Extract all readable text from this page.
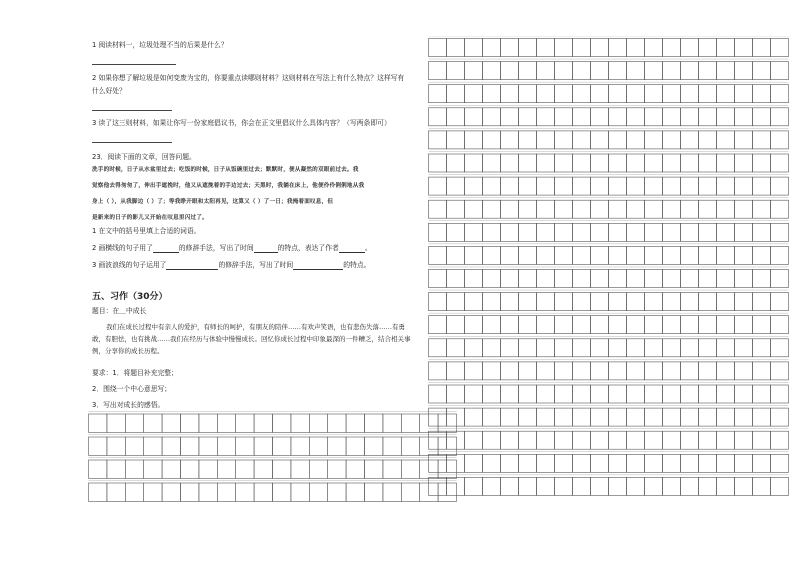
1 阅读材料一，垃圾处理不当的后果是什么？
2 如果你想了解垃圾是如何变废为宝的，你要重点读哪则材料？这则材料在写法上有什么特点？这样写有
什么好处？
3 读了这三则材料，如果让你写一份家庭倡议书，你会在正文里倡议什么具体内容？（写两条即可）
23．阅读下面的文章，回答问题。
洗手的时候，日子从水盆里过去；吃饭的时候，日子从饭碗里过去；默默时，便从凝然的双眼前过去。我
觉察他去得匆匆了，伸出手遮挽时，他又从遮挽着的手边过去；天黑时，我躺在床上，他便伶伶俐俐地从我
身上（ ），从我脚边（ ）了；等我睁开眼和太阳再见，这算又（ ）了一日；我掩着面叹息，但
是新来的日子的影儿又开始在叹息里闪过了。
1 在文中的括号里填上合适的词语。
2 画横线的句子用了	的修辞手法，写出了时间	的特点，表达了作者	。
3 画波浪线的句子运用了	的修辞手法，写出了时间	的特点。
五、习作（30分）
题目：在＿中成长
我们在成长过程中有亲人的爱护，有师长的呵护，有朋友的陪伴……有欢声笑语，也有悲伤失落……有勇敢，有胆怯，也有挑战……我们在经历与体验中慢慢成长。回忆你成长过程中印象最深的一件糟乏，结合相关事例，分享你的成长历程。
要求：1．将题目补充完整；
2．围绕一个中心意思写；
3．写出对成长的感悟。
